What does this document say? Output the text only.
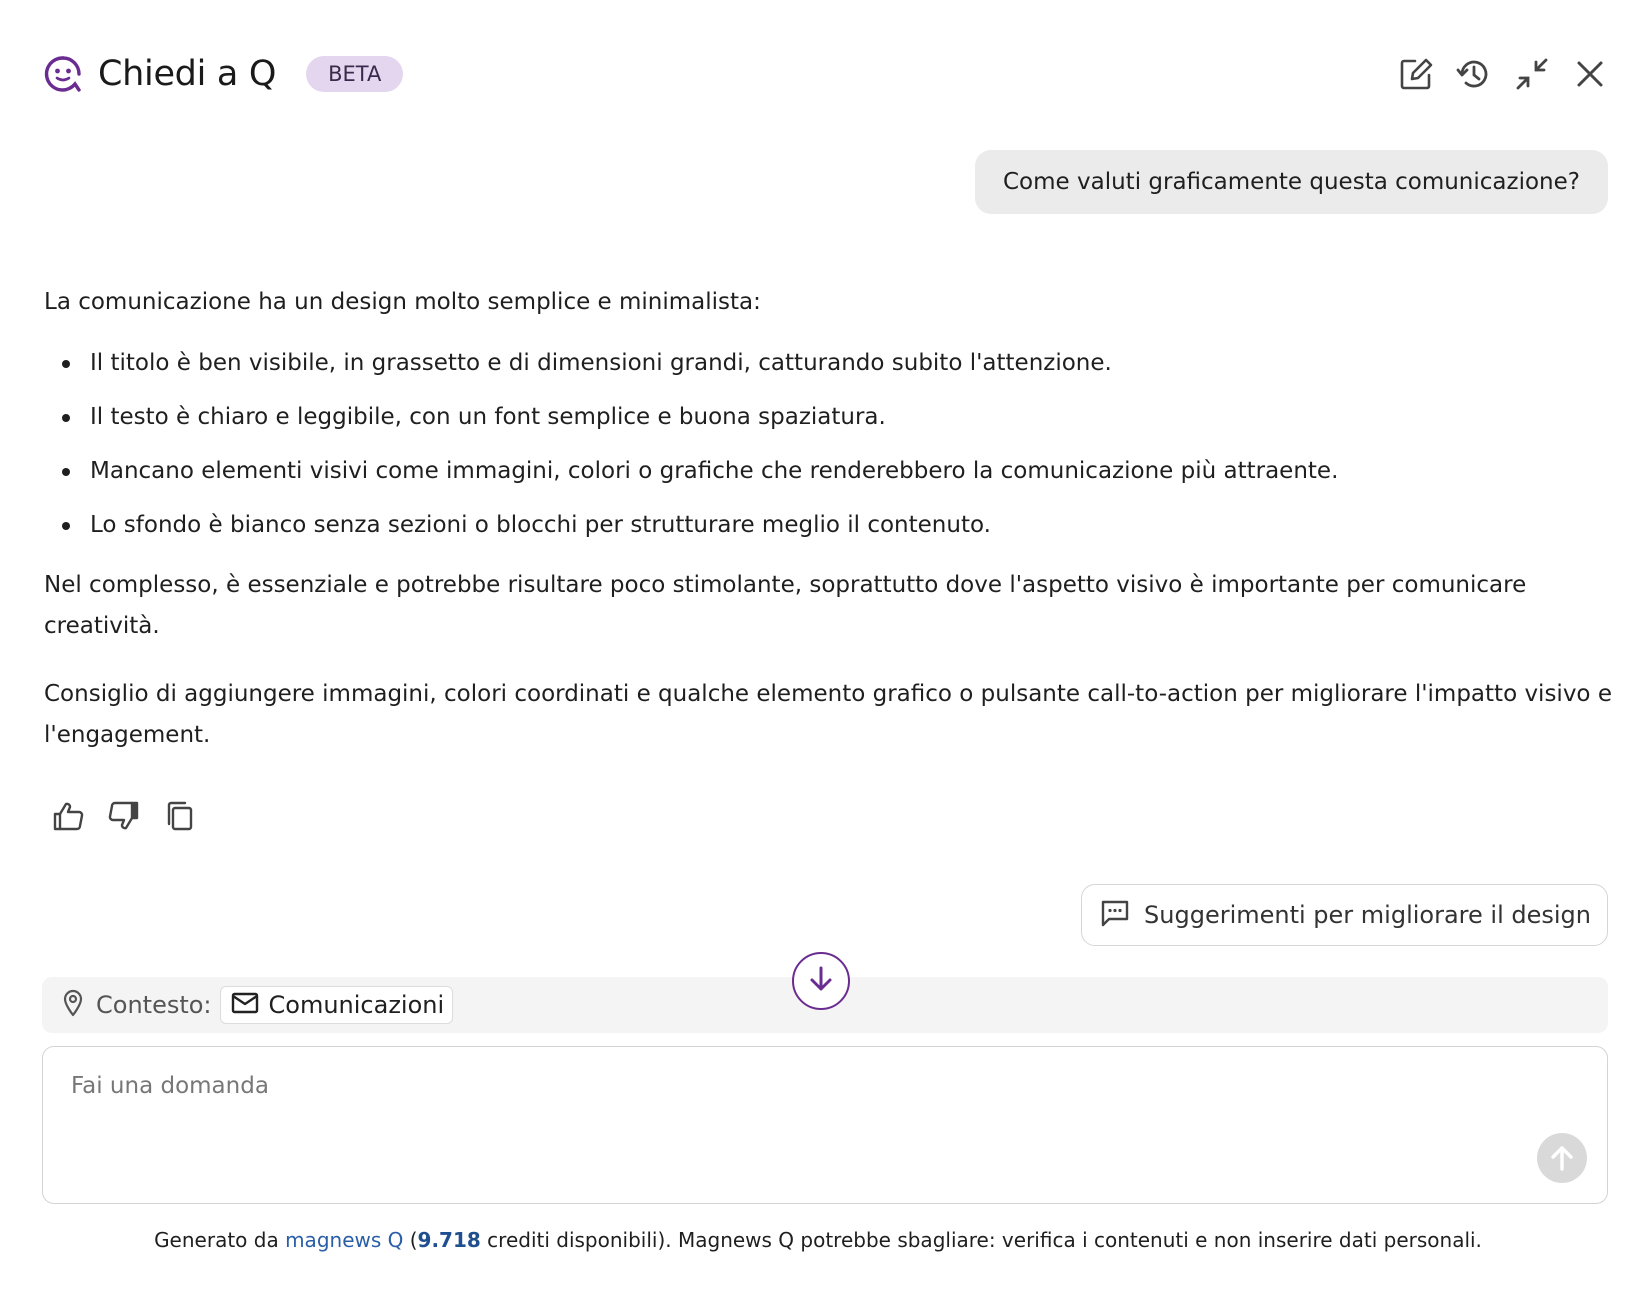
Chiedi a Q	BETA
Come valuti graficamente questa comunicazione?

La comunicazione ha un design molto semplice e minimalista:

Il titolo è ben visibile, in grassetto e di dimensioni grandi, catturando subito l'attenzione.
Il testo è chiaro e leggibile, con un font semplice e buona spaziatura.
Mancano elementi visivi come immagini, colori o grafiche che renderebbero la comunicazione più attraente.
Lo sfondo è bianco senza sezioni o blocchi per strutturare meglio il contenuto.

Nel complesso, è essenziale e potrebbe risultare poco stimolante, soprattutto dove l'aspetto visivo è importante per comunicare creatività.

Consiglio di aggiungere immagini, colori coordinati e qualche elemento grafico o pulsante call-to-action per migliorare l'impatto visivo e l'engagement.

Suggerimenti per migliorare il design
Contesto: Comunicazioni
Fai una domanda
Generato da magnews Q (9.718 crediti disponibili). Magnews Q potrebbe sbagliare: verifica i contenuti e non inserire dati personali.
